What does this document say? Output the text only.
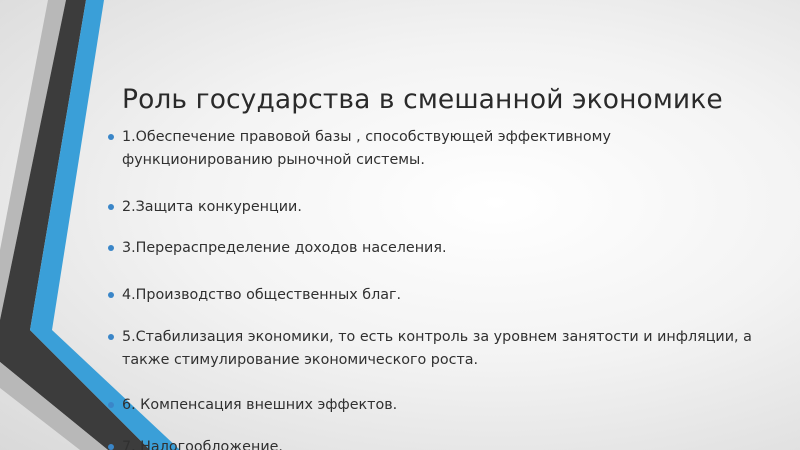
Роль государства в смешанной экономике
1.Обеспечение правовой базы , способствующей эффективному функционированию рыночной системы.
2.Защита конкуренции.
3.Перераспределение доходов населения.
4.Производство общественных благ.
5.Стабилизация экономики, то есть контроль за уровнем занятости и инфляции, а также стимулирование экономического роста.
6. Компенсация внешних эффектов.
7. Налогообложение.
